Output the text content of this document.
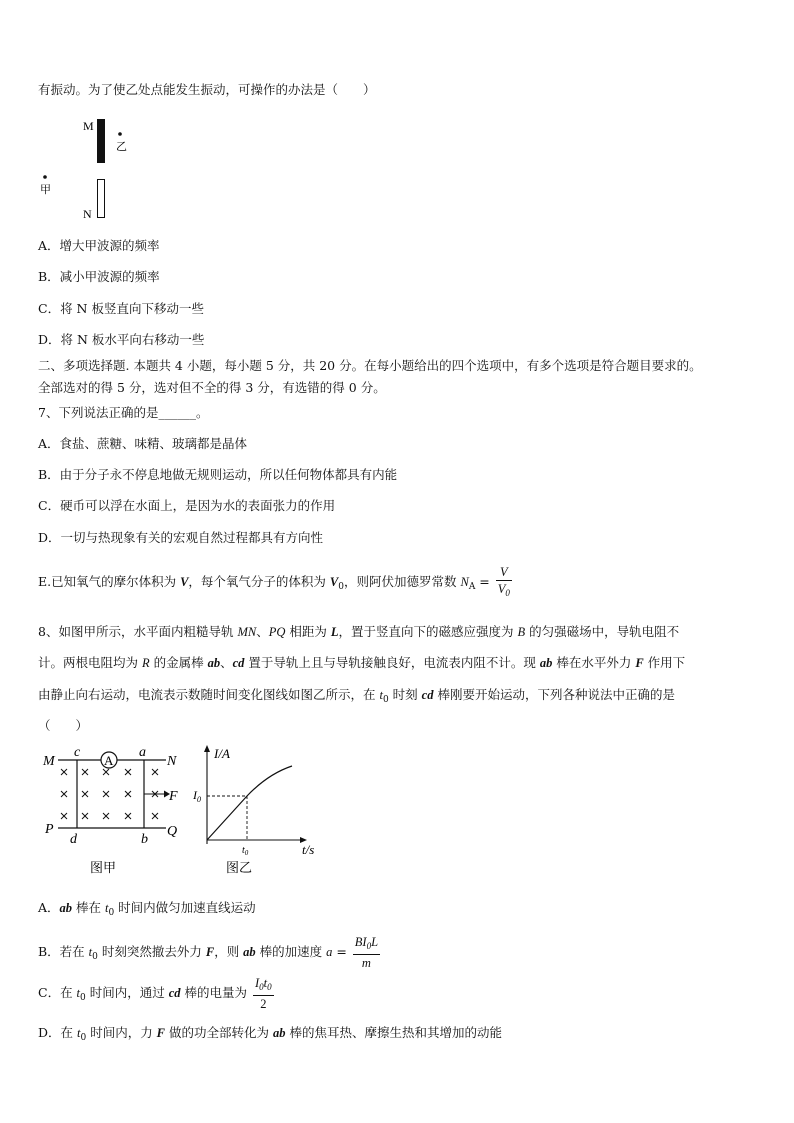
有振动。为了使乙处点能发生振动，可操作的办法是（　　）
M
乙
甲
N
A．增大甲波源的频率
B．减小甲波源的频率
C．将 N 板竖直向下移动一些
D．将 N 板水平向右移动一些
二、多项选择题. 本题共 4 小题，每小题 5 分，共 20 分。在每小题给出的四个选项中，有多个选项是符合题目要求的。
全部选对的得 5 分，选对但不全的得 3 分，有选错的得 0 分。
7、下列说法正确的是______。
A．食盐、蔗糖、味精、玻璃都是晶体
B．由于分子永不停息地做无规则运动，所以任何物体都具有内能
C．硬币可以浮在水面上，是因为水的表面张力的作用
D．一切与热现象有关的宏观自然过程都具有方向性
E.已知氧气的摩尔体积为 V，每个氧气分子的体积为 $V_0$，则阿伏加德罗常数 $N_A = \frac{V}{V_0}$
8、如图甲所示，水平面内粗糙导轨 MN、PQ 相距为 L，置于竖直向下的磁感应强度为 B 的匀强磁场中，导轨电阻不
计。两根电阻均为 R 的金属棒 ab、cd 置于导轨上且与导轨接触良好，电流表内阻不计。现 ab 棒在水平外力 F 作用下
由静止向右运动，电流表示数随时间变化图线如图乙所示，在 $t_0$ 时刻 cd 棒刚要开始运动，下列各种说法中正确的是
（　　）
M	N
P	Q
c	a
d	b
A
F
图甲
I/A
t/s
$I_0$
$t_0$
图乙
A．ab 棒在 $t_0$ 时间内做匀加速直线运动
B．若在 $t_0$ 时刻突然撤去外力 F，则 ab 棒的加速度 $a = \frac{BI_0L}{m}$
C．在 $t_0$ 时间内，通过 cd 棒的电量为 $\frac{I_0t_0}{2}$
D．在 $t_0$ 时间内，力 F 做的功全部转化为 ab 棒的焦耳热、摩擦生热和其增加的动能
